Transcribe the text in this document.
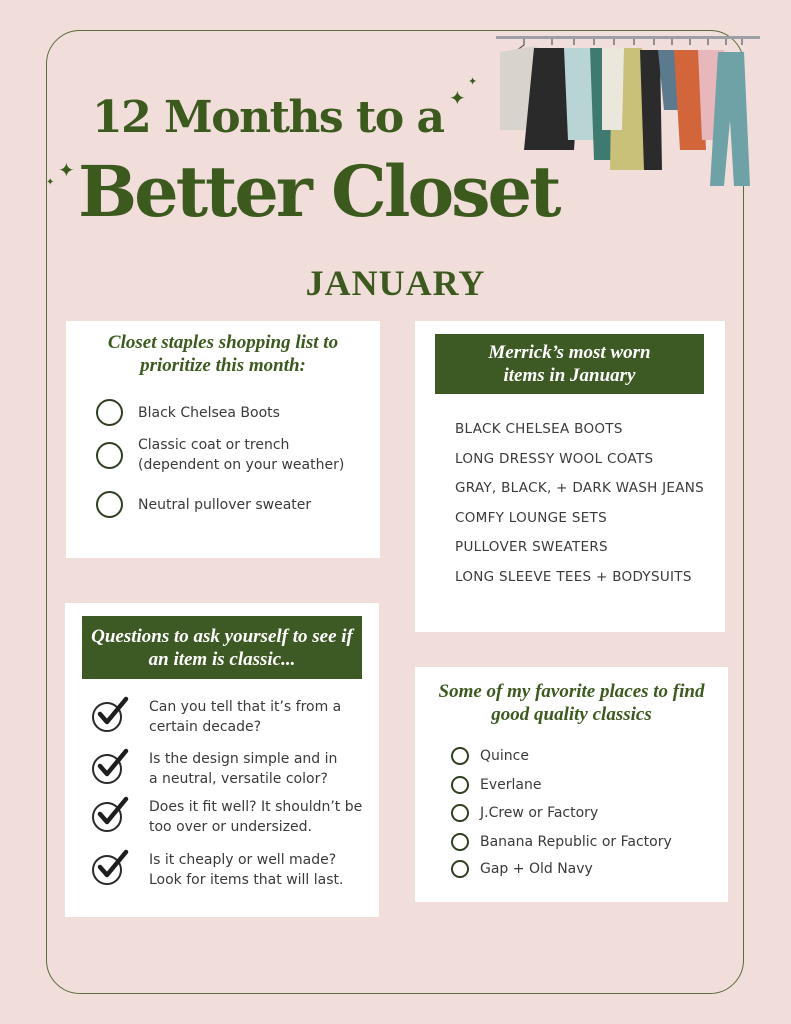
✦
✦
✦
✦
12 Months to a
Better Closet
JANUARY
Closet staples shopping list to prioritize this month:
Black Chelsea Boots
Classic coat or trench
(dependent on your weather)
Neutral pullover sweater
Merrick’s most worn items in January
BLACK CHELSEA BOOTS
LONG DRESSY WOOL COATS
GRAY, BLACK, + DARK WASH JEANS
COMFY LOUNGE SETS
PULLOVER SWEATERS
LONG SLEEVE TEES + BODYSUITS
Questions to ask yourself to see if an item is classic...
Can you tell that it’s from a
certain decade?
Is the design simple and in
a neutral, versatile color?
Does it fit well? It shouldn’t be
too over or undersized.
Is it cheaply or well made?
Look for items that will last.
Some of my favorite places to find good quality classics
Quince
Everlane
J.Crew or Factory
Banana Republic or Factory
Gap + Old Navy
